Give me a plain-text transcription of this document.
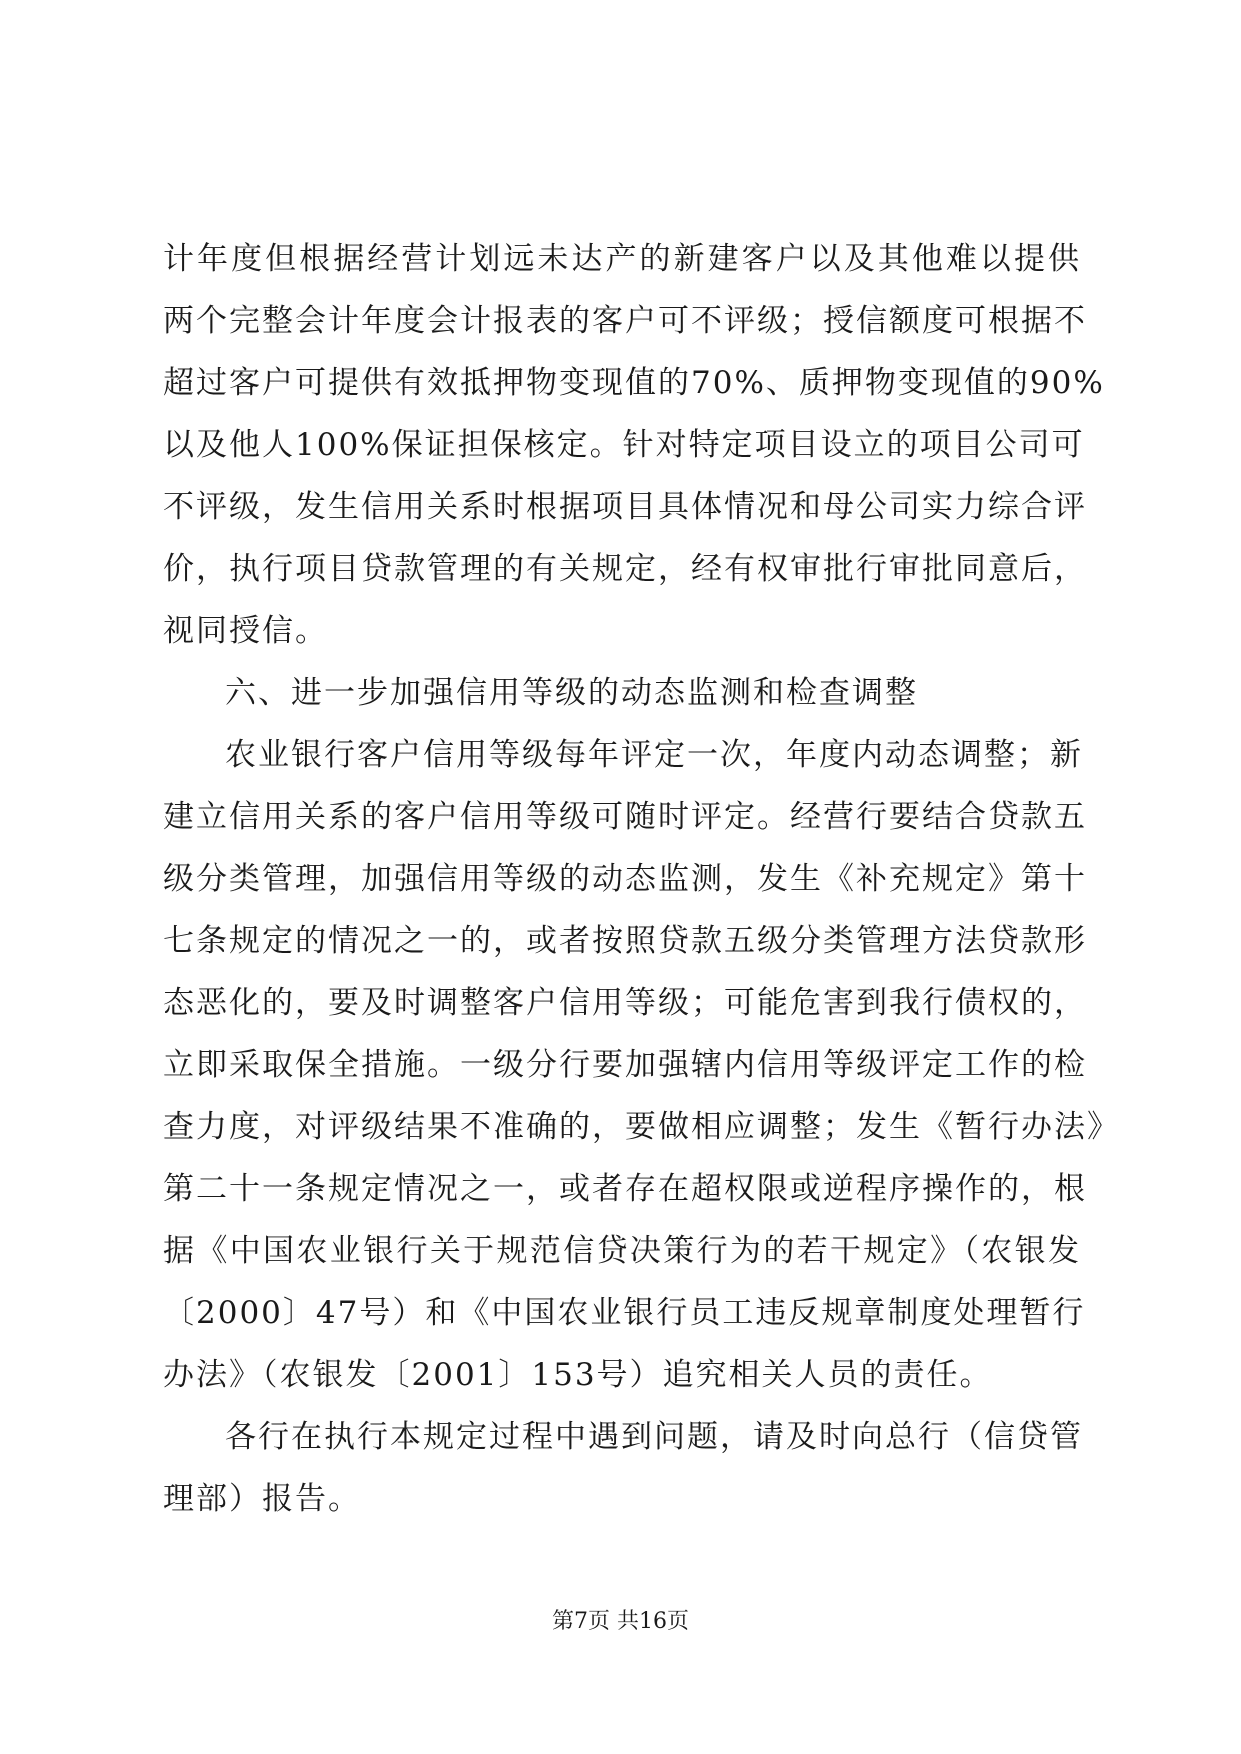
计年度但根据经营计划远未达产的新建客户以及其他难以提供
两个完整会计年度会计报表的客户可不评级；授信额度可根据不
超过客户可提供有效抵押物变现值的70%、质押物变现值的90%
以及他人100%保证担保核定。针对特定项目设立的项目公司可
不评级，发生信用关系时根据项目具体情况和母公司实力综合评
价，执行项目贷款管理的有关规定，经有权审批行审批同意后，
视同授信。
六、进一步加强信用等级的动态监测和检查调整
农业银行客户信用等级每年评定一次，年度内动态调整；新
建立信用关系的客户信用等级可随时评定。经营行要结合贷款五
级分类管理，加强信用等级的动态监测，发生《补充规定》第十
七条规定的情况之一的，或者按照贷款五级分类管理方法贷款形
态恶化的，要及时调整客户信用等级；可能危害到我行债权的，
立即采取保全措施。一级分行要加强辖内信用等级评定工作的检
查力度，对评级结果不准确的，要做相应调整；发生《暂行办法》
第二十一条规定情况之一，或者存在超权限或逆程序操作的，根
据《中国农业银行关于规范信贷决策行为的若干规定》（农银发
〔2000〕47号）和《中国农业银行员工违反规章制度处理暂行
办法》（农银发〔2001〕153号）追究相关人员的责任。
各行在执行本规定过程中遇到问题，请及时向总行（信贷管
理部）报告。
第7页 共16页
